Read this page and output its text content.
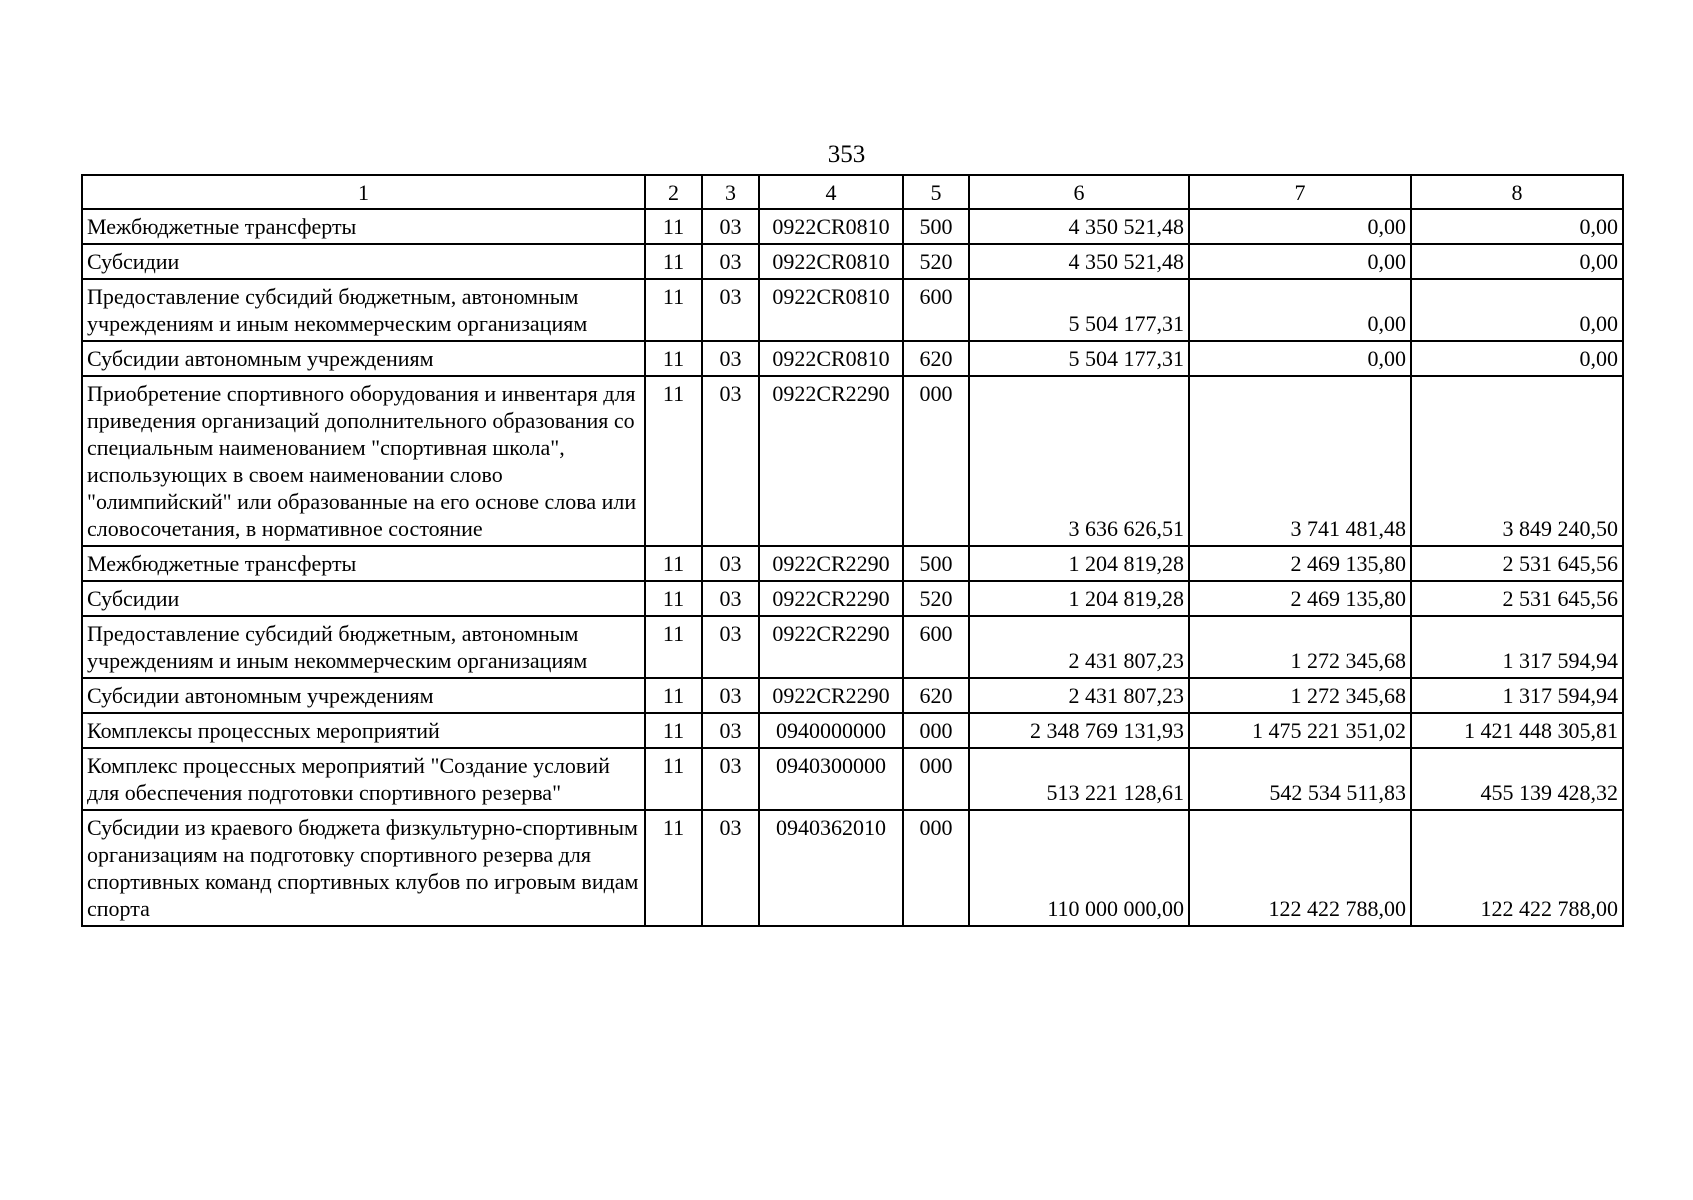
353
1	2	3	4	5	6	7	8
Межбюджетные трансферты	11	03	0922CR0810	500	4 350 521,48	0,00	0,00
Субсидии	11	03	0922CR0810	520	4 350 521,48	0,00	0,00
Предоставление субсидий бюджетным, автономным учреждениям и иным некоммерческим организациям	11	03	0922CR0810	600	5 504 177,31	0,00	0,00
Субсидии автономным учреждениям	11	03	0922CR0810	620	5 504 177,31	0,00	0,00
Приобретение спортивного оборудования и инвентаря для приведения организаций дополнительного образования со специальным наименованием "спортивная школа", использующих в своем наименовании слово "олимпийский" или образованные на его основе слова или словосочетания, в нормативное состояние	11	03	0922CR2290	000	3 636 626,51	3 741 481,48	3 849 240,50
Межбюджетные трансферты	11	03	0922CR2290	500	1 204 819,28	2 469 135,80	2 531 645,56
Субсидии	11	03	0922CR2290	520	1 204 819,28	2 469 135,80	2 531 645,56
Предоставление субсидий бюджетным, автономным учреждениям и иным некоммерческим организациям	11	03	0922CR2290	600	2 431 807,23	1 272 345,68	1 317 594,94
Субсидии автономным учреждениям	11	03	0922CR2290	620	2 431 807,23	1 272 345,68	1 317 594,94
Комплексы процессных мероприятий	11	03	0940000000	000	2 348 769 131,93	1 475 221 351,02	1 421 448 305,81
Комплекс процессных мероприятий "Создание условий для обеспечения подготовки спортивного резерва"	11	03	0940300000	000	513 221 128,61	542 534 511,83	455 139 428,32
Субсидии из краевого бюджета физкультурно-спортивным организациям на подготовку спортивного резерва для спортивных команд спортивных клубов по игровым видам спорта	11	03	0940362010	000	110 000 000,00	122 422 788,00	122 422 788,00
